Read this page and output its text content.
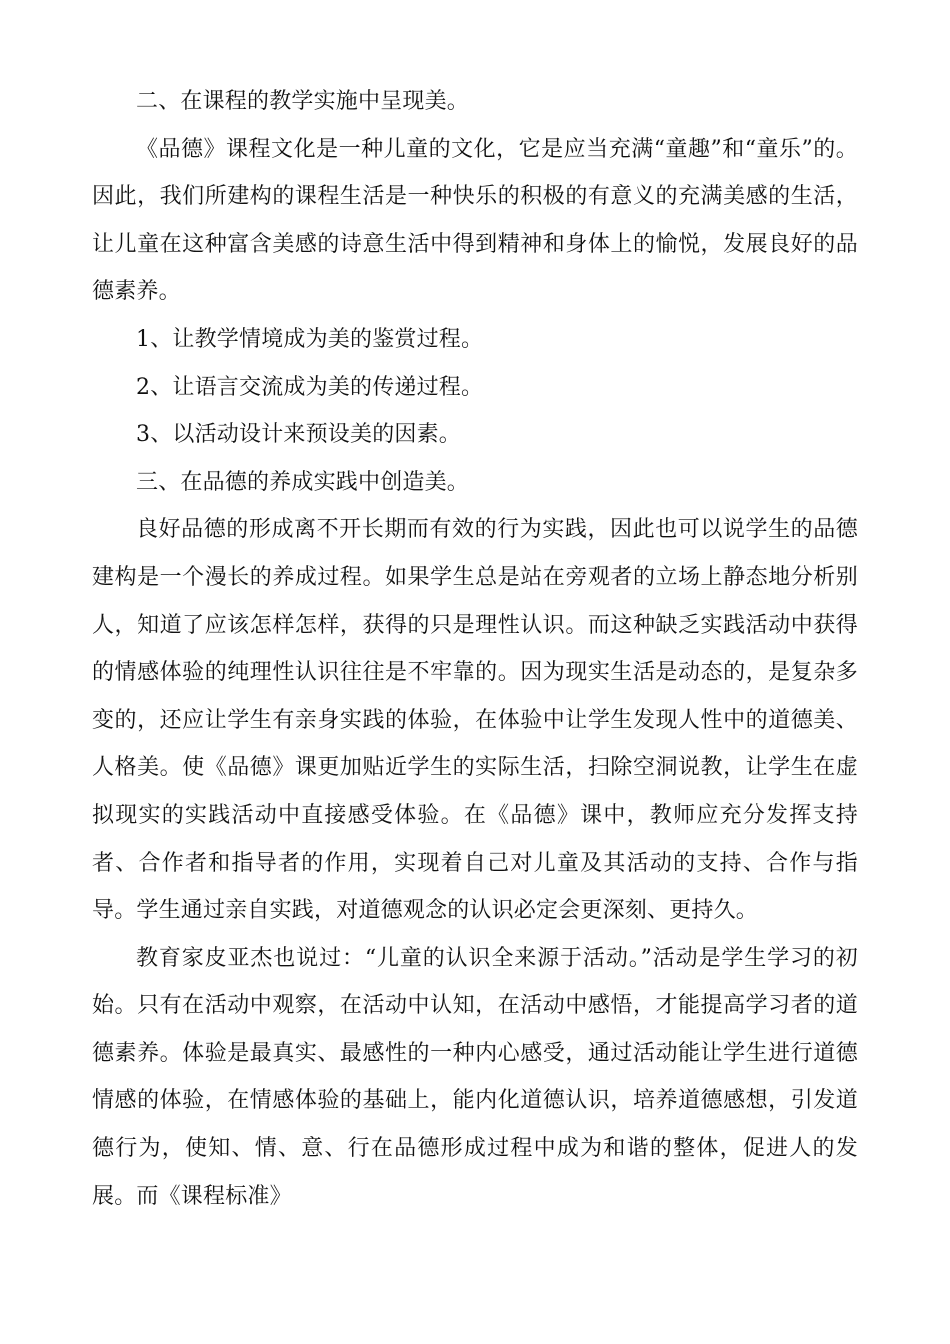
二、在课程的教学实施中呈现美。

《品德》课程文化是一种儿童的文化，它是应当充满“童趣”和“童乐”的。因此，我们所建构的课程生活是一种快乐的积极的有意义的充满美感的生活，让儿童在这种富含美感的诗意生活中得到精神和身体上的愉悦，发展良好的品德素养。

1、让教学情境成为美的鉴赏过程。

2、让语言交流成为美的传递过程。

3、以活动设计来预设美的因素。

三、在品德的养成实践中创造美。

良好品德的形成离不开长期而有效的行为实践，因此也可以说学生的品德建构是一个漫长的养成过程。如果学生总是站在旁观者的立场上静态地分析别人，知道了应该怎样怎样，获得的只是理性认识。而这种缺乏实践活动中获得的情感体验的纯理性认识往往是不牢靠的。因为现实生活是动态的，是复杂多变的，还应让学生有亲身实践的体验，在体验中让学生发现人性中的道德美、人格美。使《品德》课更加贴近学生的实际生活，扫除空洞说教，让学生在虚拟现实的实践活动中直接感受体验。在《品德》课中，教师应充分发挥支持者、合作者和指导者的作用，实现着自己对儿童及其活动的支持、合作与指导。学生通过亲自实践，对道德观念的认识必定会更深刻、更持久。

教育家皮亚杰也说过：“儿童的认识全来源于活动。”活动是学生学习的初始。只有在活动中观察，在活动中认知，在活动中感悟，才能提高学习者的道德素养。体验是最真实、最感性的一种内心感受，通过活动能让学生进行道德情感的体验，在情感体验的基础上，能内化道德认识，培养道德感想，引发道德行为，使知、情、意、行在品德形成过程中成为和谐的整体，促进人的发展。而《课程标准》
